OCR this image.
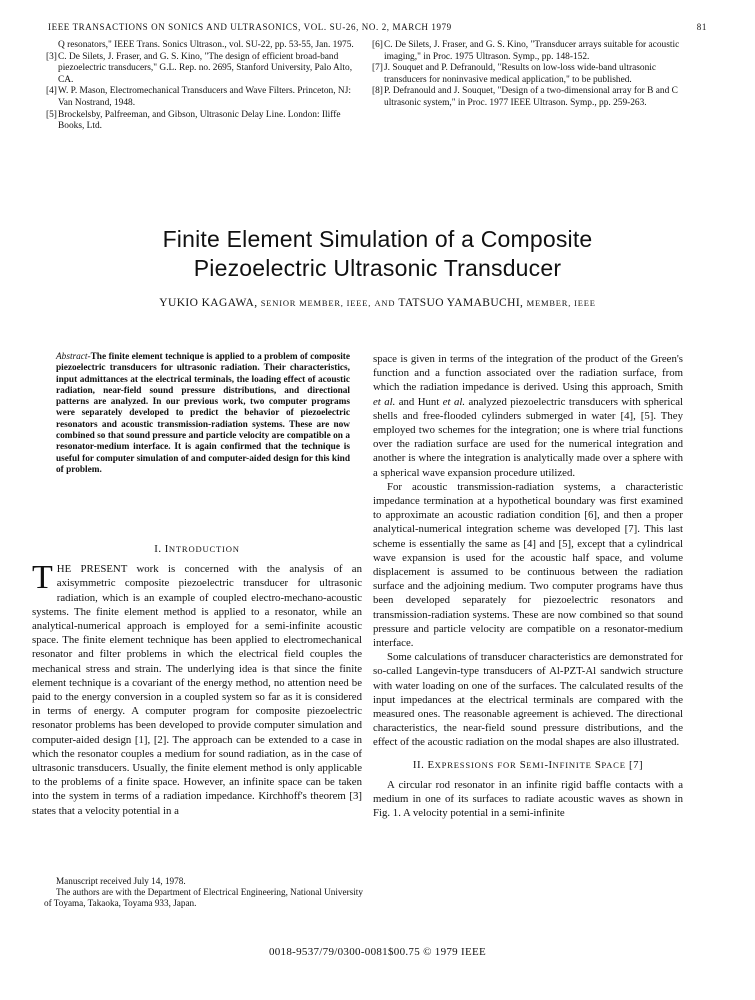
IEEE TRANSACTIONS ON SONICS AND ULTRASONICS, VOL. SU-26, NO. 2, MARCH 1979	81
Q resonators," IEEE Trans. Sonics Ultrason., vol. SU-22, pp. 53-55, Jan. 1975.
[3] C. De Silets, J. Fraser, and G. S. Kino, "The design of efficient broad-band piezoelectric transducers," G.L. Rep. no. 2695, Stanford University, Palo Alto, CA.
[4] W. P. Mason, Electromechanical Transducers and Wave Filters. Princeton, NJ: Van Nostrand, 1948.
[5] Brockelsby, Palfreeman, and Gibson, Ultrasonic Delay Line. London: Iliffe Books, Ltd.
[6] C. De Silets, J. Fraser, and G. S. Kino, "Transducer arrays suitable for acoustic imaging," in Proc. 1975 Ultrason. Symp., pp. 148-152.
[7] J. Souquet and P. Defranould, "Results on low-loss wide-band ultrasonic transducers for noninvasive medical application," to be published.
[8] P. Defranould and J. Souquet, "Design of a two-dimensional array for B and C ultrasonic system," in Proc. 1977 IEEE Ultrason. Symp., pp. 259-263.
Finite Element Simulation of a Composite
Piezoelectric Ultrasonic Transducer
YUKIO KAGAWA, SENIOR MEMBER, IEEE, AND TATSUO YAMABUCHI, MEMBER, IEEE
Abstract-The finite element technique is applied to a problem of composite piezoelectric transducers for ultrasonic radiation. Their characteristics, input admittances at the electrical terminals, the loading effect of acoustic radiation, near-field sound pressure distributions, and directional patterns are analyzed. In our previous work, two computer programs were separately developed to predict the behavior of piezoelectric resonators and acoustic transmission-radiation systems. These are now combined so that sound pressure and particle velocity are compatible on a resonator-medium interface. It is again confirmed that the technique is useful for computer simulation of and computer-aided design for this kind of problem.
I. INTRODUCTION

THE PRESENT work is concerned with the analysis of an axisymmetric composite piezoelectric transducer for ultrasonic radiation, which is an example of coupled electro-mechano-acoustic systems. The finite element method is applied to a resonator, while an analytical-numerical approach is employed for a semi-infinite acoustic space. The finite element technique has been applied to electromechanical resonator and filter problems in which the electrical field couples the mechanical stress and strain. The underlying idea is that since the finite element technique is a covariant of the energy method, no attention need be paid to the energy conversion in a coupled system so far as it is considered in terms of energy. A computer program for composite piezoelectric resonator problems has been developed to provide computer simulation and computer-aided design [1], [2]. The approach can be extended to a case in which the resonator couples a medium for sound radiation, as in the case of ultrasonic transducers. Usually, the finite element method is only applicable to the problems of a finite space. However, an infinite space can be taken into the system in terms of a radiation impedance. Kirchhoff's theorem [3] states that a velocity potential in a

space is given in terms of the integration of the product of the Green's function and a function associated over the radiation surface, from which the radiation impedance is derived. Using this approach, Smith et al. and Hunt et al. analyzed piezoelectric transducers with spherical shells and free-flooded cylinders submerged in water [4], [5]. They employed two schemes for the integration; one is where trial functions over the radiation surface are used for the numerical integration and another is where the integration is analytically made over a sphere with a spherical wave expansion procedure utilized.

For acoustic transmission-radiation systems, a characteristic impedance termination at a hypothetical boundary was first examined to approximate an acoustic radiation condition [6], and then a proper analytical-numerical integration scheme was developed [7]. This last scheme is essentially the same as [4] and [5], except that a cylindrical wave expansion is used for the acoustic half space, and volume displacement is assumed to be continuous between the radiation surface and the adjoining medium. Two computer programs have thus been developed separately for piezoelectric resonators and transmission-radiation systems. These are now combined so that sound pressure and particle velocity are compatible on a resonator-medium interface.

Some calculations of transducer characteristics are demonstrated for so-called Langevin-type transducers of Al-PZT-Al sandwich structure with water loading on one of the surfaces. The calculated results of the input impedances at the electrical terminals are compared with the measured ones. The reasonable agreement is achieved. The directional characteristics, the near-field sound pressure distributions, and the effect of the acoustic radiation on the modal shapes are also illustrated.

II. EXPRESSIONS FOR SEMI-INFINITE SPACE [7]

A circular rod resonator in an infinite rigid baffle contacts with a medium in one of its surfaces to radiate acoustic waves as shown in Fig. 1. A velocity potential in a semi-infinite

Manuscript received July 14, 1978.
The authors are with the Department of Electrical Engineering, National University of Toyama, Takaoka, Toyama 933, Japan.
0018-9537/79/0300-0081$00.75 © 1979 IEEE
